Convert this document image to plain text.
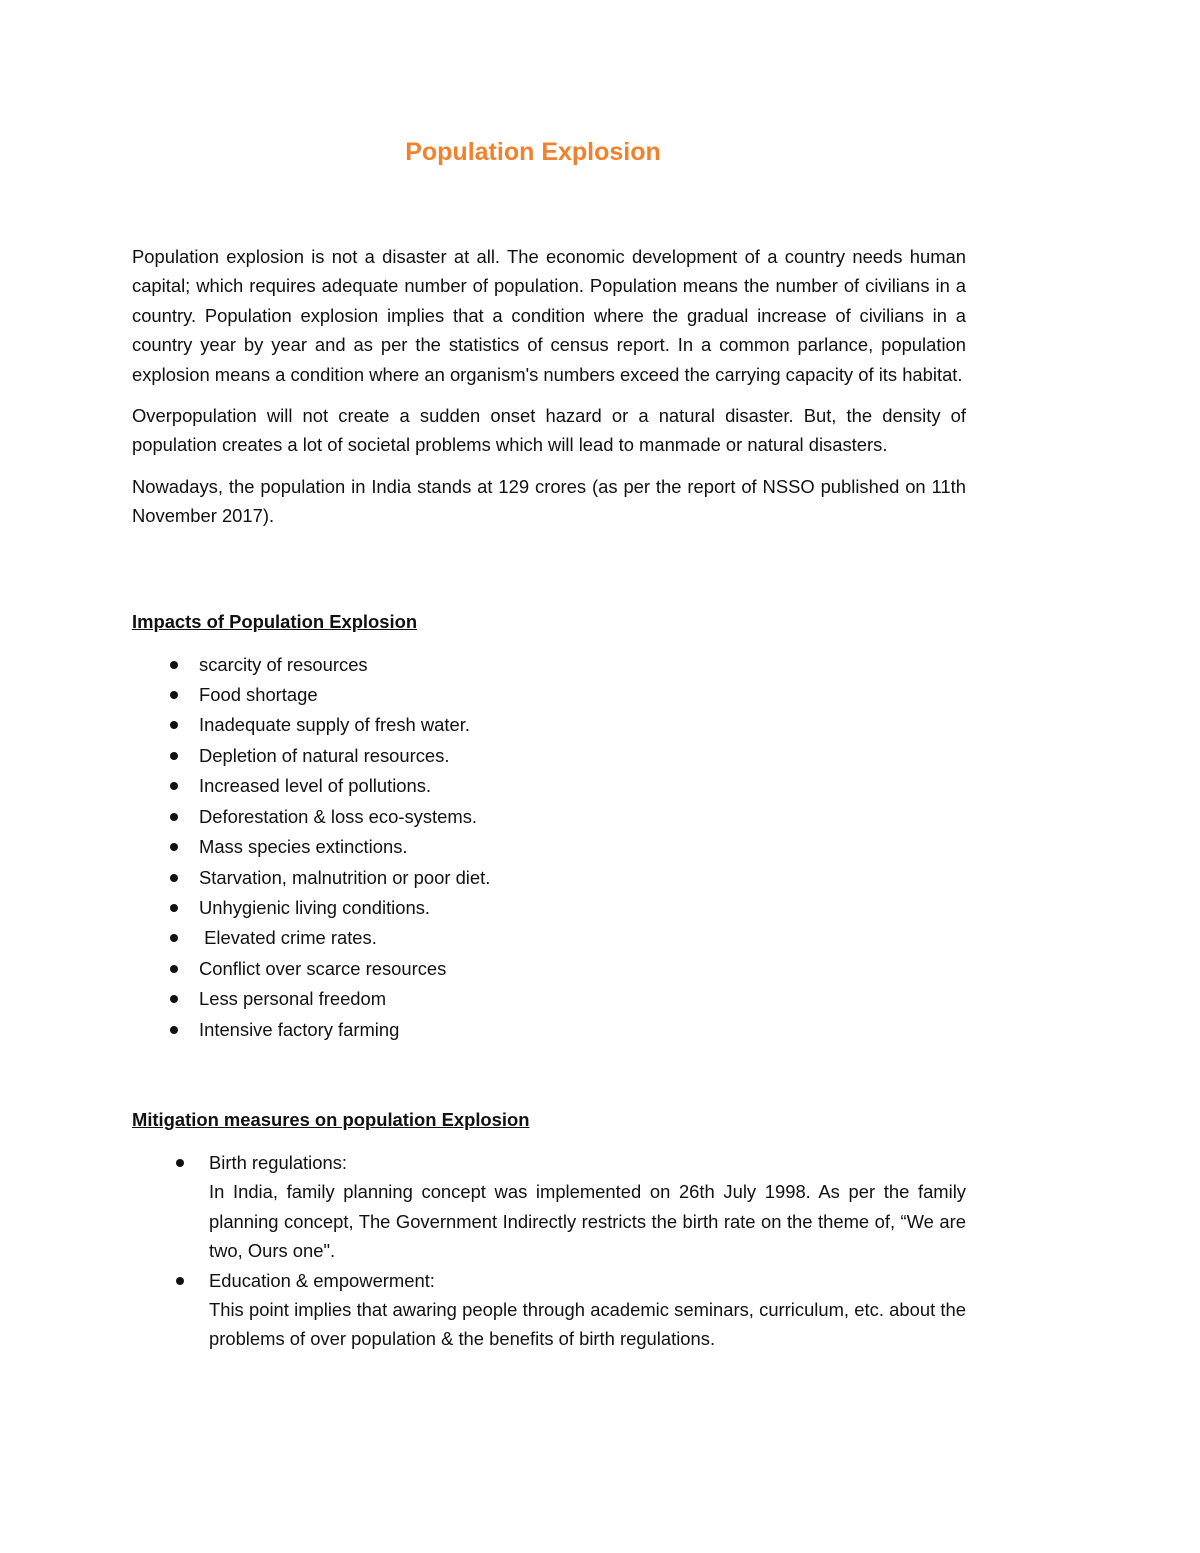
Population Explosion

Population explosion is not a disaster at all. The economic development of a country needs human capital; which requires adequate number of population. Population means the number of civilians in a country. Population explosion implies that a condition where the gradual increase of civilians in a country year by year and as per the statistics of census report. In a common parlance, population explosion means a condition where an organism's numbers exceed the carrying capacity of its habitat.

Overpopulation will not create a sudden onset hazard or a natural disaster. But, the density of population creates a lot of societal problems which will lead to manmade or natural disasters.

Nowadays, the population in India stands at 129 crores (as per the report of NSSO published on 11th November 2017).

Impacts of Population Explosion
scarcity of resources
Food shortage
Inadequate supply of fresh water.
Depletion of natural resources.
Increased level of pollutions.
Deforestation & loss eco-systems.
Mass species extinctions.
Starvation, malnutrition or poor diet.
Unhygienic living conditions.
Elevated crime rates.
Conflict over scarce resources
Less personal freedom
Intensive factory farming
Mitigation measures on population Explosion
Birth regulations:
In India, family planning concept was implemented on 26th July 1998. As per the family planning concept, The Government Indirectly restricts the birth rate on the theme of, “We are two, Ours one".
Education & empowerment:
This point implies that awaring people through academic seminars, curriculum, etc. about the problems of over population & the benefits of birth regulations.
